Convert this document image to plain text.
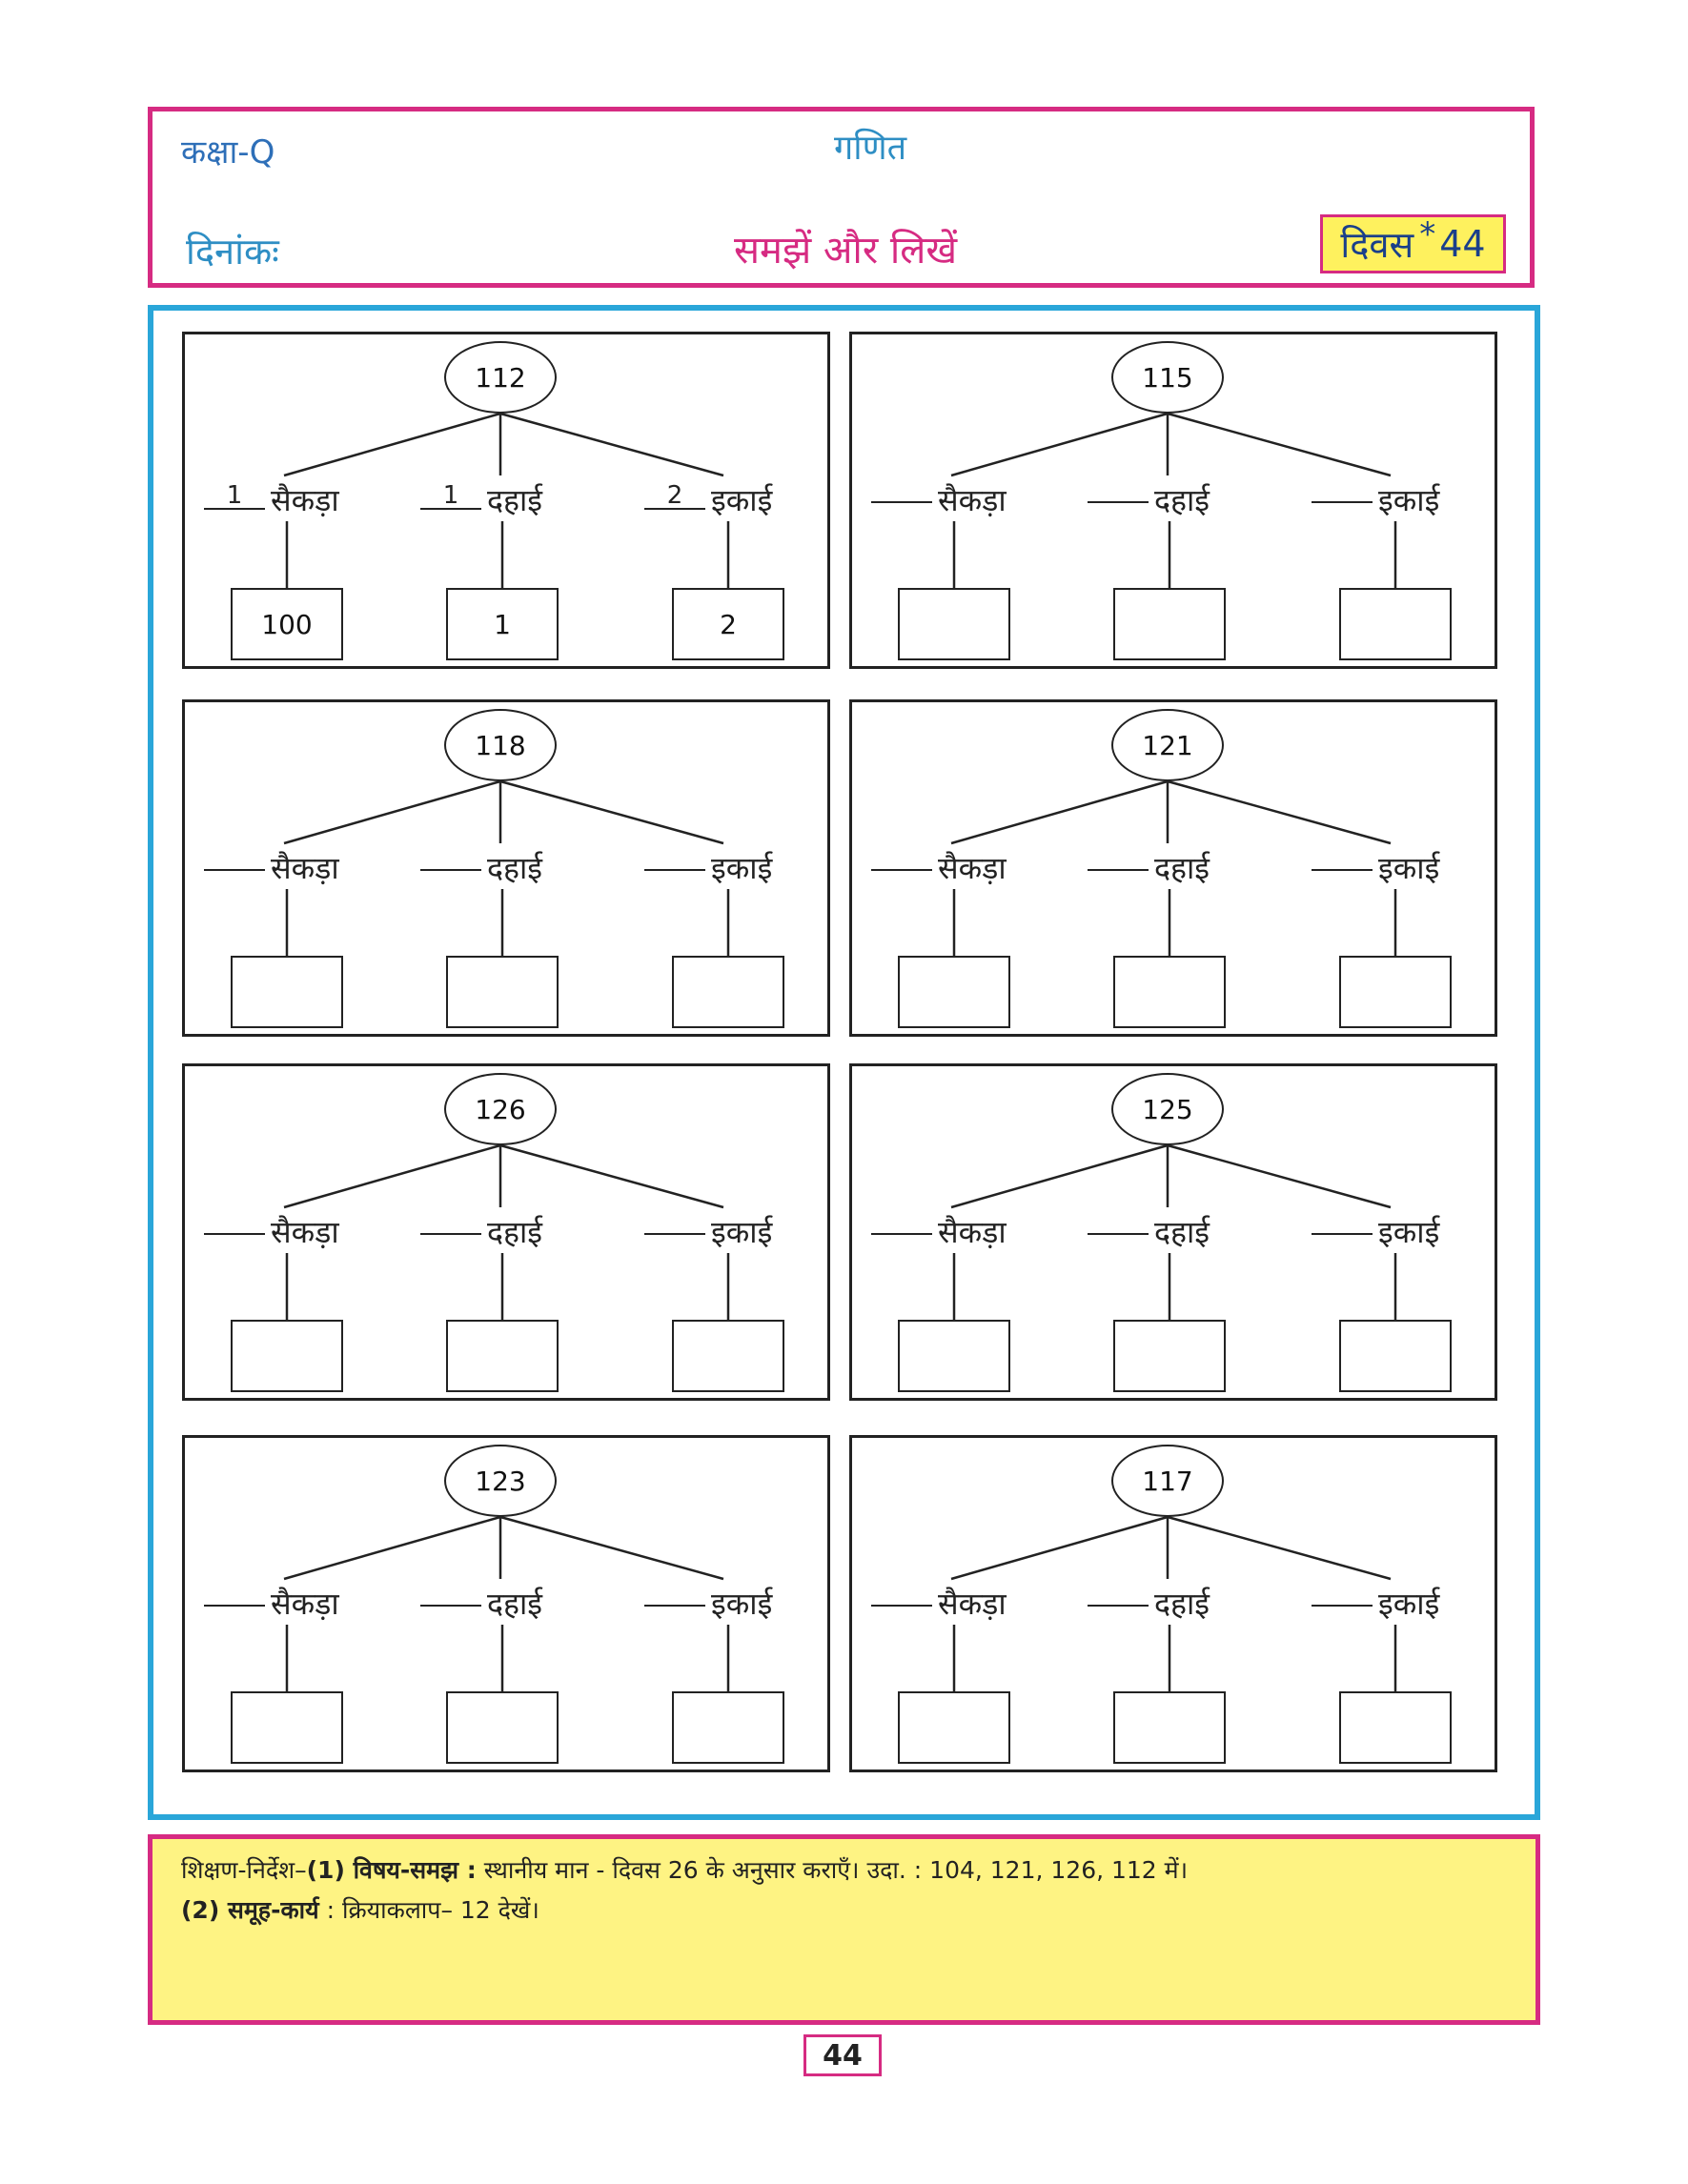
कक्षा-Q	गणित
दिनांकः	समझें और लिखें	दिवस * 44
112
1 सैकड़ा
100
1 दहाई
1
2 इकाई
2
115
सैकड़ा	दहाई	इकाई
118
सैकड़ा	दहाई	इकाई
121
सैकड़ा	दहाई	इकाई
126
सैकड़ा	दहाई	इकाई
125
सैकड़ा	दहाई	इकाई
123
सैकड़ा	दहाई	इकाई
117
सैकड़ा	दहाई	इकाई
शिक्षण-निर्देश–(1) विषय-समझ : स्थानीय मान - दिवस 26 के अनुसार कराएँ। उदा. : 104, 121, 126, 112 में।
(2) समूह-कार्य : क्रियाकलाप– 12 देखें।
44
